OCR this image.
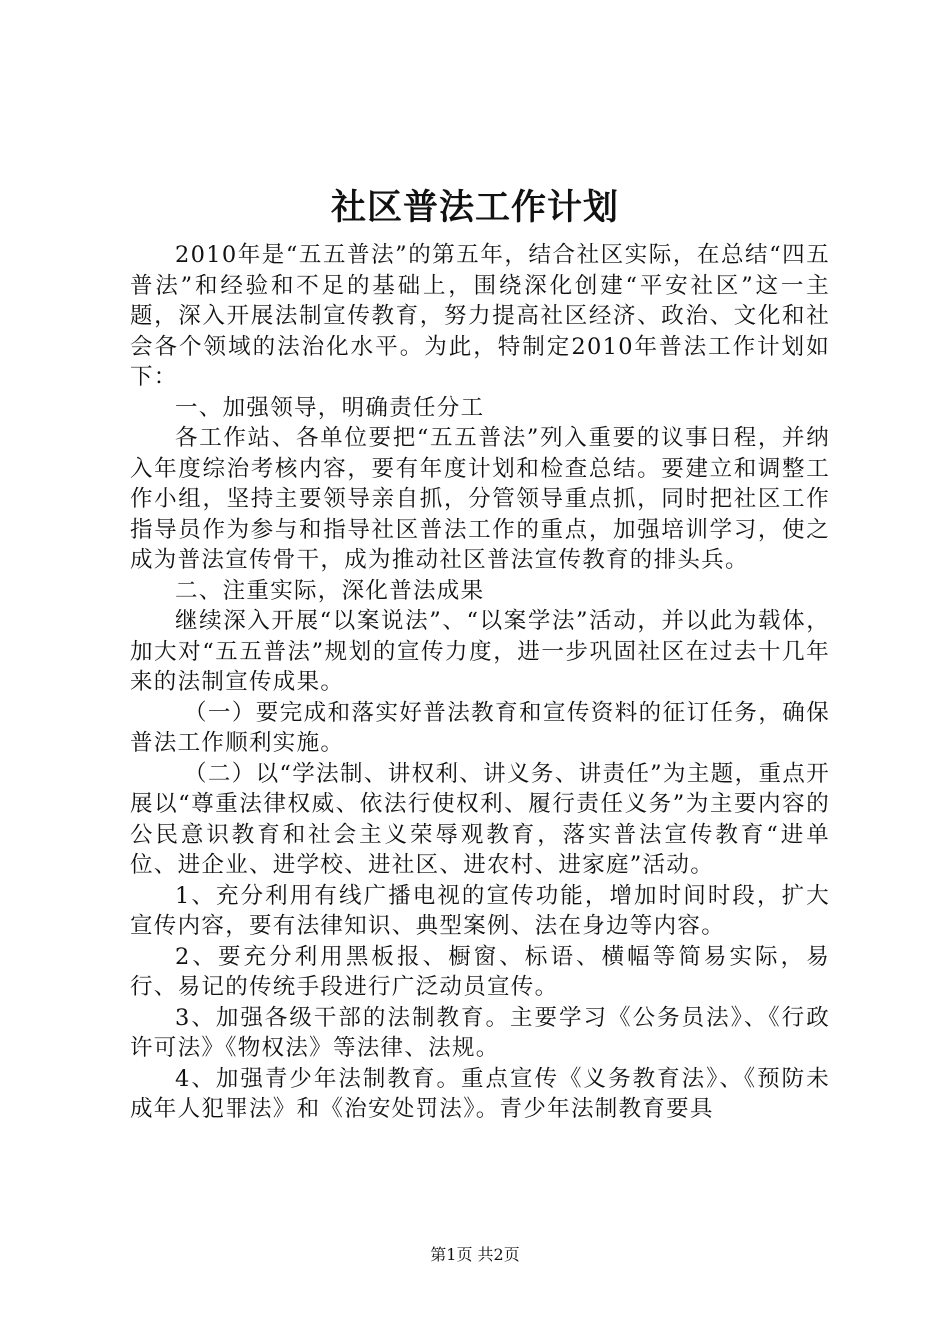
社区普法工作计划

2010年是“五五普法”的第五年，结合社区实际，在总结“四五普法”和经验和不足的基础上，围绕深化创建“平安社区”这一主题，深入开展法制宣传教育，努力提高社区经济、政治、文化和社会各个领域的法治化水平。为此，特制定2010年普法工作计划如下：

一、加强领导，明确责任分工

各工作站、各单位要把“五五普法”列入重要的议事日程，并纳入年度综治考核内容，要有年度计划和检查总结。要建立和调整工作小组，坚持主要领导亲自抓，分管领导重点抓，同时把社区工作指导员作为参与和指导社区普法工作的重点，加强培训学习，使之成为普法宣传骨干，成为推动社区普法宣传教育的排头兵。

二、注重实际，深化普法成果

继续深入开展“以案说法”、“以案学法”活动，并以此为载体，加大对“五五普法”规划的宣传力度，进一步巩固社区在过去十几年来的法制宣传成果。

（一）要完成和落实好普法教育和宣传资料的征订任务，确保普法工作顺利实施。

（二）以“学法制、讲权利、讲义务、讲责任”为主题，重点开展以“尊重法律权威、依法行使权利、履行责任义务”为主要内容的公民意识教育和社会主义荣辱观教育，落实普法宣传教育“进单位、进企业、进学校、进社区、进农村、进家庭”活动。

1、充分利用有线广播电视的宣传功能，增加时间时段，扩大宣传内容，要有法律知识、典型案例、法在身边等内容。

2、要充分利用黑板报、橱窗、标语、横幅等简易实际，易行、易记的传统手段进行广泛动员宣传。

3、加强各级干部的法制教育。主要学习《公务员法》、《行政许可法》《物权法》等法律、法规。

4、加强青少年法制教育。重点宣传《义务教育法》、《预防未成年人犯罪法》和《治安处罚法》。青少年法制教育要具

第1页 共2页
